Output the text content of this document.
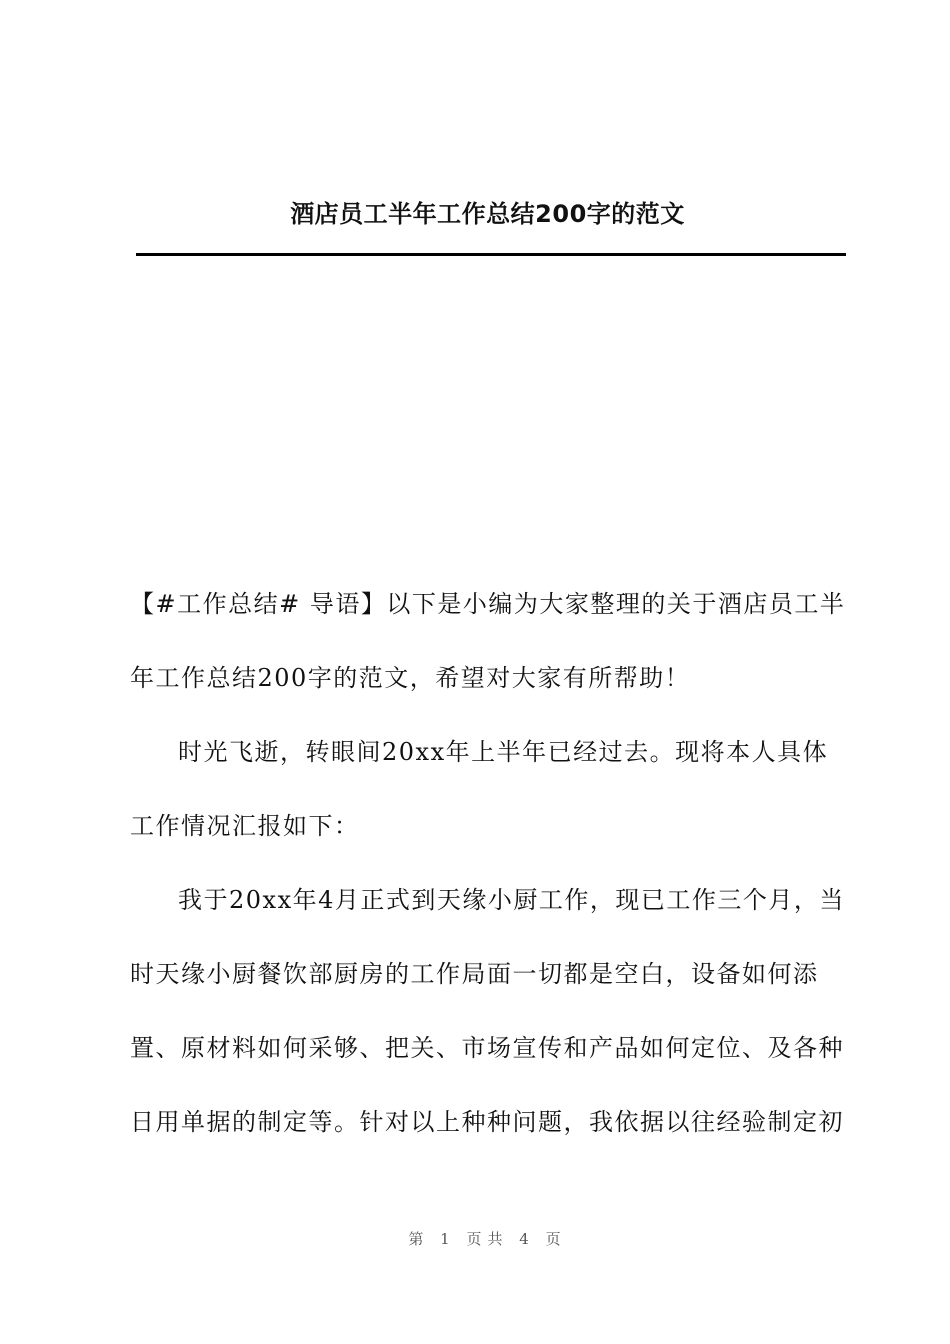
酒店员工半年工作总结200字的范文

【#工作总结# 导语】以下是小编为大家整理的关于酒店员工半年工作总结200字的范文，希望对大家有所帮助！

时光飞逝，转眼间20xx年上半年已经过去。现将本人具体工作情况汇报如下：

我于20xx年4月正式到天缘小厨工作，现已工作三个月，当时天缘小厨餐饮部厨房的工作局面一切都是空白，设备如何添置、原材料如何采够、把关、市场宣传和产品如何定位、及各种日用单据的制定等。针对以上种种问题，我依据以往经验制定初

第 1 页共 4 页
